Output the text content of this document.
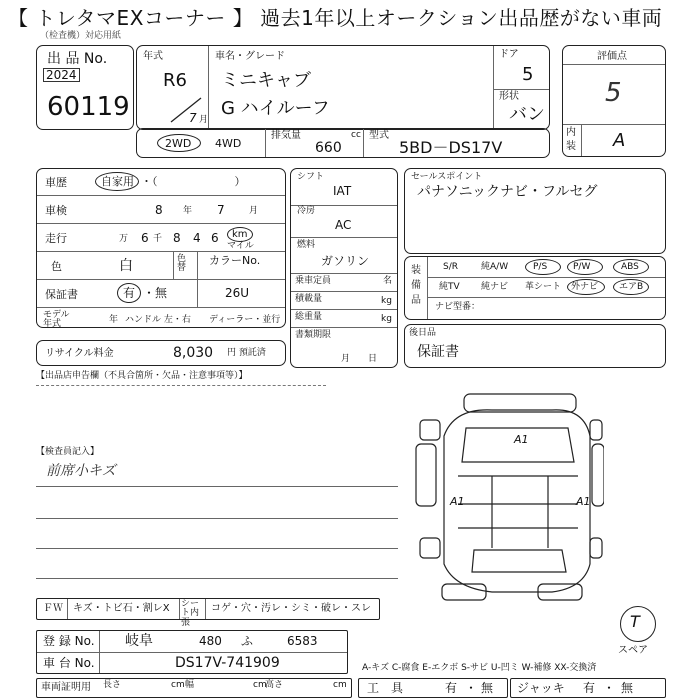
【 トレタマEXコーナー 】 過去1年以上オークション出品歴がない車両
（检査機）対応用紙
出 品 No.
2024
60119
年式
R6
7 月
車名・グレード
ミニキャブ
G ハイルーフ
ドア
5
形状
バン
評価点
5
内
装 A
2WD 4WD
排気量
660
cc 型式
5BD－DS17V
車歴	自家用 ・（　　　　　　　）
車検	8 年 7	月
走行	万 6 千 8 4 6 km
マイル
色	白	色替
カラーNo.
26U
保証書	有 ・ 無
モデル年式	年 ハンドル 左・右 ディーラー・並行
リサイクル料金	8,030 円 預託済
シフト
IAT
冷房
AC
燃料
ガソリン
乗車定員	名
積載量	kg
総重量	kg
書類期限
月　　日
セールスポイント
パナソニックナビ・フルセグ
装備品
S/R	純A/W	P/S	P/W	ABS
純TV 純ナビ 革シート 外ナビ エアB
ナビ型番：
後日品
保証書
【出品店申告欄（不具合箇所・欠品・注意事項等）】
【検査員記入】
前席小キズ
A1
A1	A1
T
スペア
ＦＷ キズ・トビ石・割レX シート内張
コゲ・穴・汚レ・シミ・破レ・スレ
登 録 No. 岐阜	480 ふ	6583
車 台 No.	DS17V-741909
車両証明用 長さ	cm 幅	cm
高さ	cm
A-キズ C-腐食 E-エクボ S-サビ U-凹ミ W-補修 XX-交換済
工　具	有 ・ 無 ジャッキ 有 ・ 無
